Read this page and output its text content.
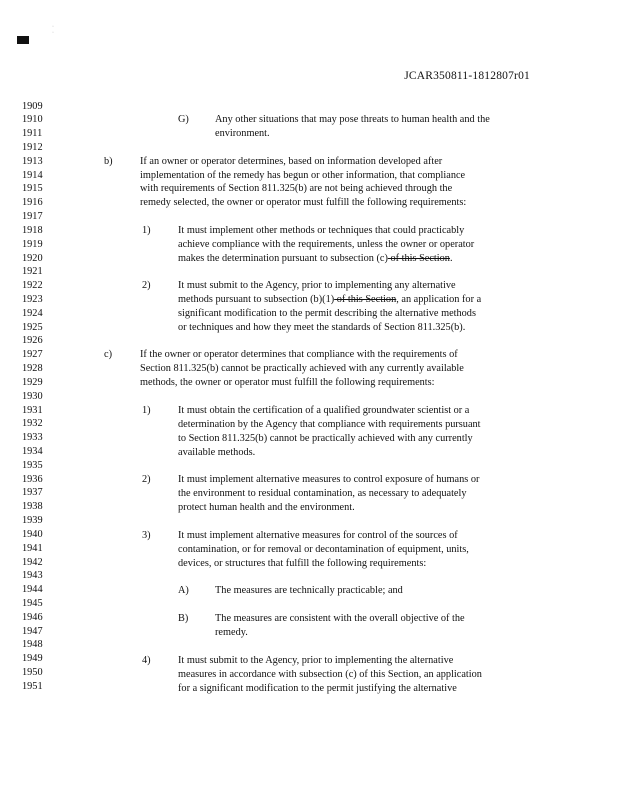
·
·
JCAR350811-1812807r01
1909
1910
1911
1912
1913
1914
1915
1916
1917
1918
1919
1920
1921
1922
1923
1924
1925
1926
1927
1928
1929
1930
1931
1932
1933
1934
1935
1936
1937
1938
1939
1940
1941
1942
1943
1944
1945
1946
1947
1948
1949
1950
1951
G)	Any other situations that may pose threats to human health and the
environment.
b)	If an owner or operator determines, based on information developed after
implementation of the remedy has begun or other information, that compliance
with requirements of Section 811.325(b) are not being achieved through the
remedy selected, the owner or operator must fulfill the following requirements:
1)	It must implement other methods or techniques that could practicably
achieve compliance with the requirements, unless the owner or operator
makes the determination pursuant to subsection (c) of this Section.
2)	It must submit to the Agency, prior to implementing any alternative
methods pursuant to subsection (b)(1) of this Section, an application for a
significant modification to the permit describing the alternative methods
or techniques and how they meet the standards of Section 811.325(b).
c)	If the owner or operator determines that compliance with the requirements of
Section 811.325(b) cannot be practically achieved with any currently available
methods, the owner or operator must fulfill the following requirements:
1)	It must obtain the certification of a qualified groundwater scientist or a
determination by the Agency that compliance with requirements pursuant
to Section 811.325(b) cannot be practically achieved with any currently
available methods.
2)	It must implement alternative measures to control exposure of humans or
the environment to residual contamination, as necessary to adequately
protect human health and the environment.
3)	It must implement alternative measures for control of the sources of
contamination, or for removal or decontamination of equipment, units,
devices, or structures that fulfill the following requirements:
A)	The measures are technically practicable; and
B)	The measures are consistent with the overall objective of the
remedy.
4)	It must submit to the Agency, prior to implementing the alternative
measures in accordance with subsection (c) of this Section, an application
for a significant modification to the permit justifying the alternative
